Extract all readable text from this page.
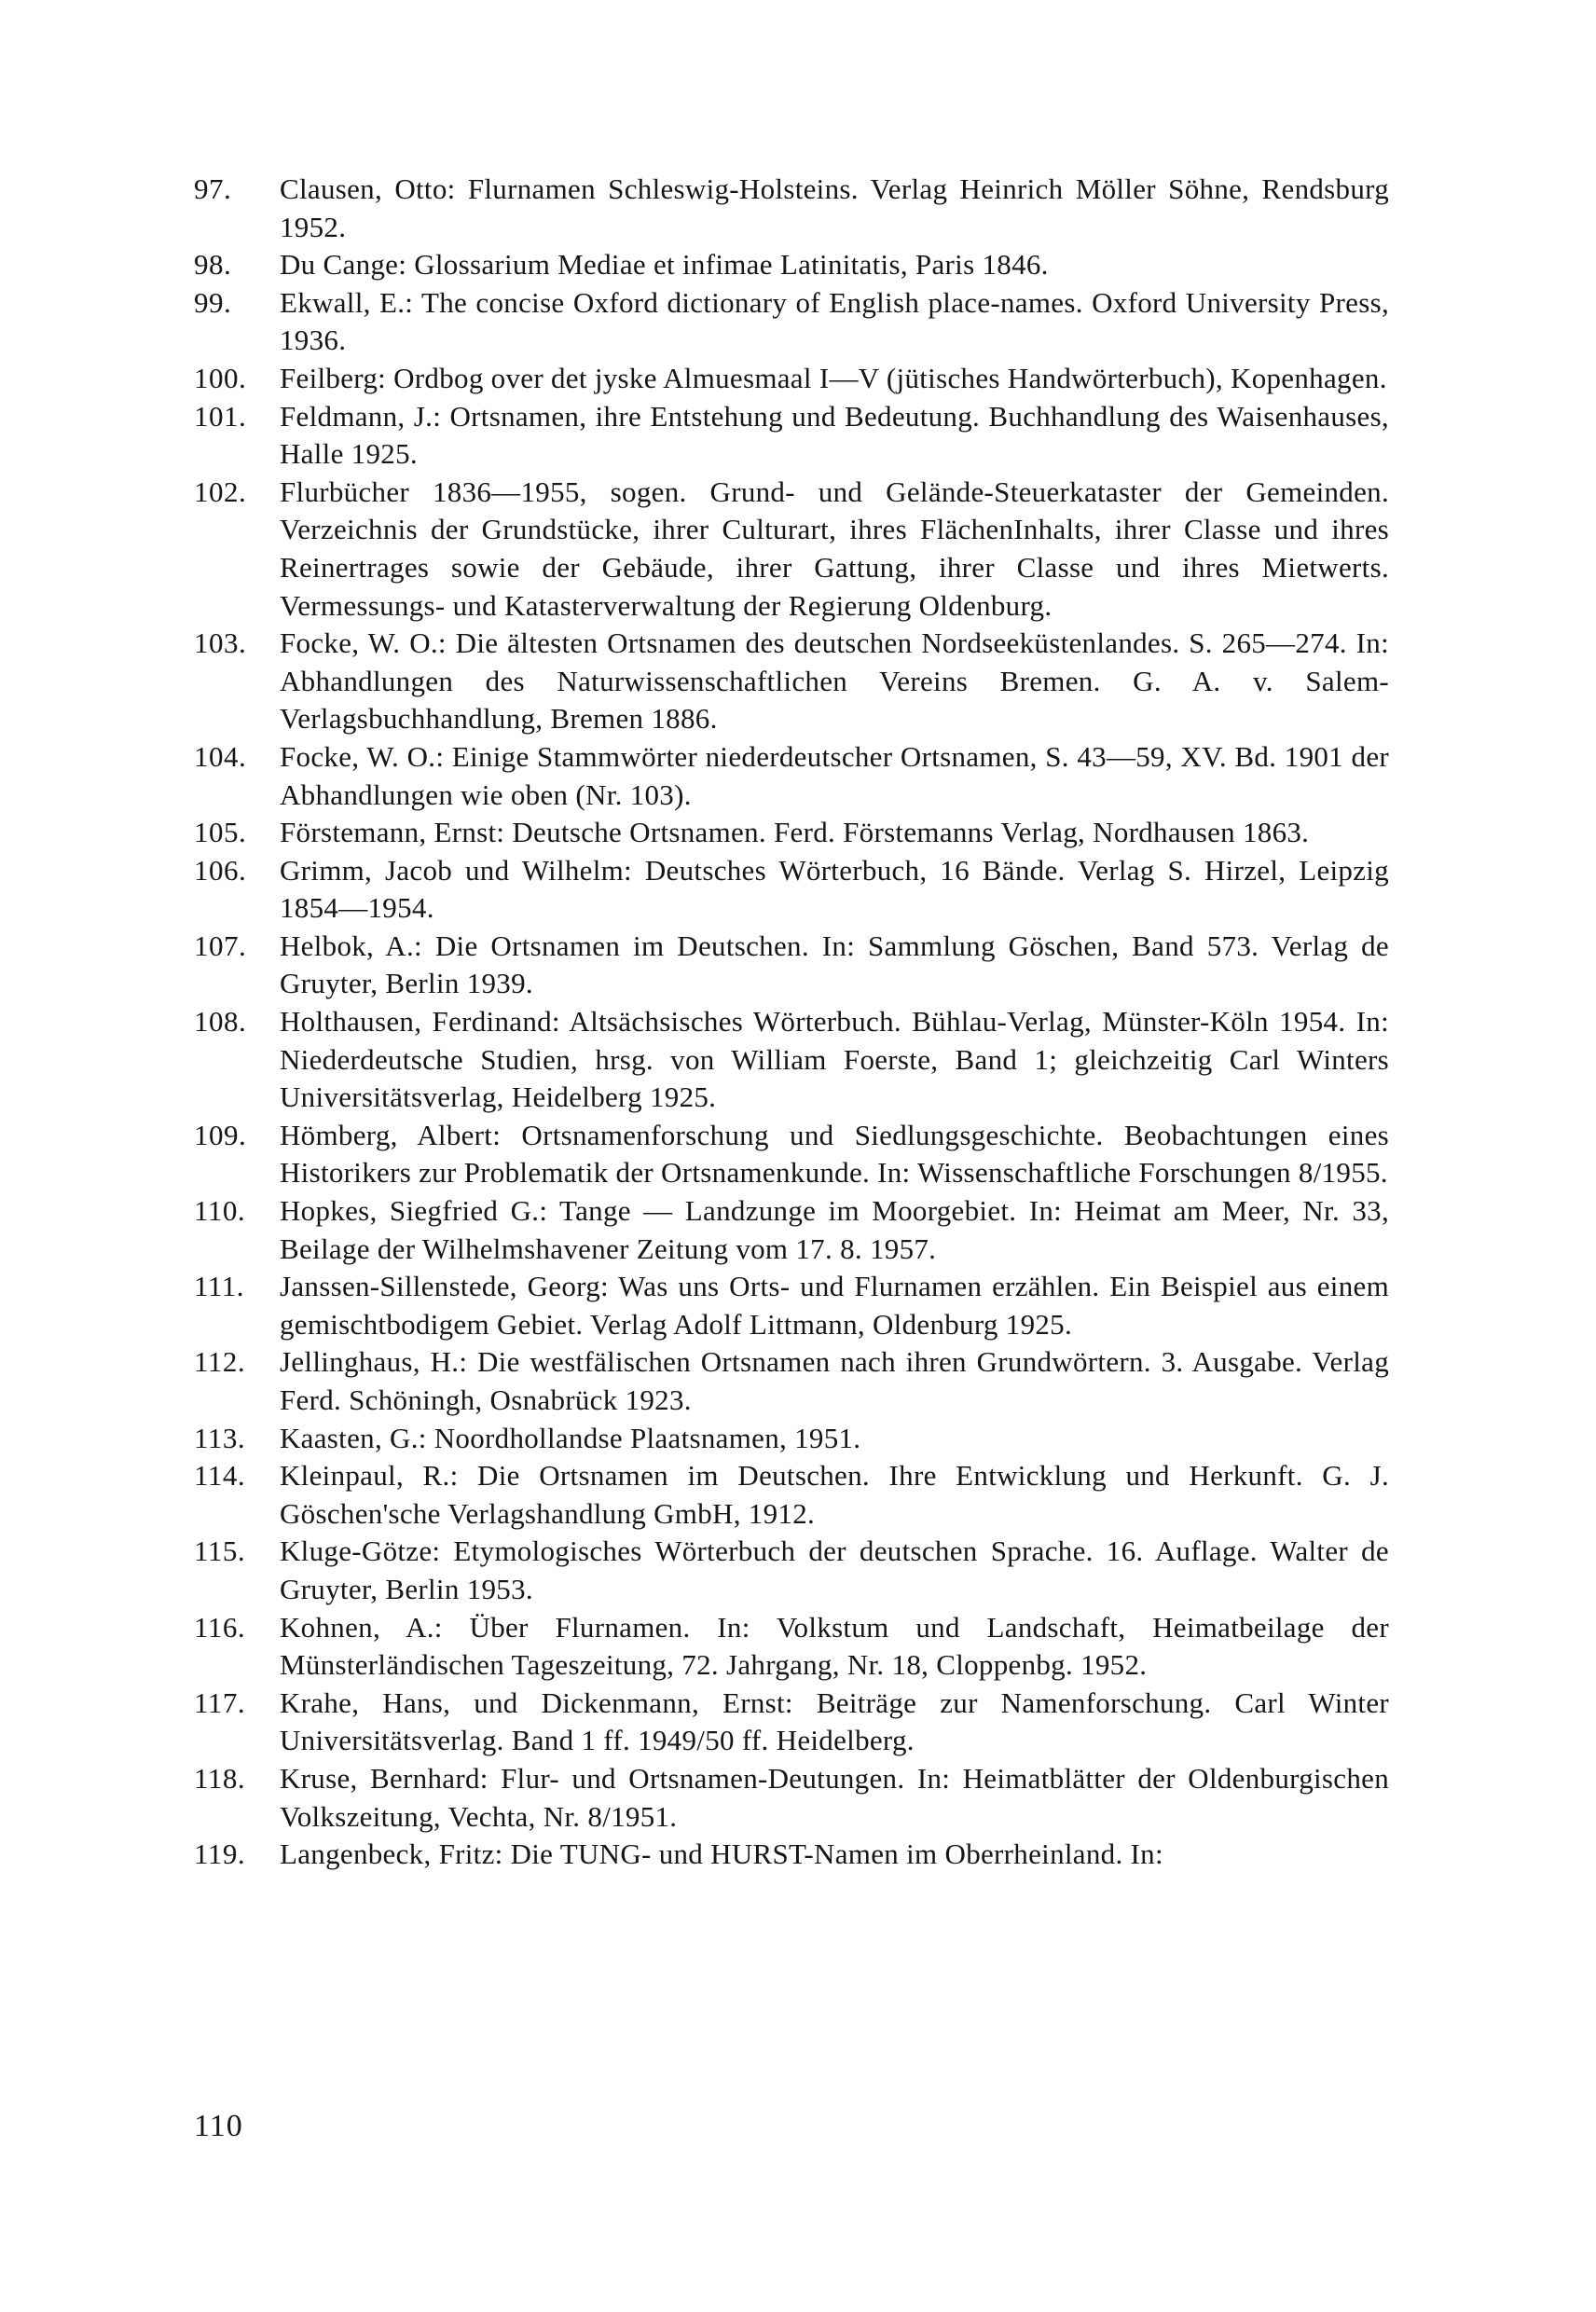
97.	Clausen, Otto: Flurnamen Schleswig-Holsteins. Verlag Heinrich Möller Söhne, Rendsburg 1952.
98.	Du Cange: Glossarium Mediae et infimae Latinitatis, Paris 1846.
99.	Ekwall, E.: The concise Oxford dictionary of English place-names. Oxford University Press, 1936.
100.	Feilberg: Ordbog over det jyske Almuesmaal I—V (jütisches Handwörterbuch), Kopenhagen.
101.	Feldmann, J.: Ortsnamen, ihre Entstehung und Bedeutung. Buchhandlung des Waisenhauses, Halle 1925.
102.	Flurbücher 1836—1955, sogen. Grund- und Gelände-Steuerkataster der Gemeinden. Verzeichnis der Grundstücke, ihrer Culturart, ihres FlächenInhalts, ihrer Classe und ihres Reinertrages sowie der Gebäude, ihrer Gattung, ihrer Classe und ihres Mietwerts. Vermessungs- und Katasterverwaltung der Regierung Oldenburg.
103.	Focke, W. O.: Die ältesten Ortsnamen des deutschen Nordseeküstenlandes. S. 265—274. In: Abhandlungen des Naturwissenschaftlichen Vereins Bremen. G. A. v. Salem-Verlagsbuchhandlung, Bremen 1886.
104.	Focke, W. O.: Einige Stammwörter niederdeutscher Ortsnamen, S. 43—59, XV. Bd. 1901 der Abhandlungen wie oben (Nr. 103).
105.	Förstemann, Ernst: Deutsche Ortsnamen. Ferd. Förstemanns Verlag, Nordhausen 1863.
106.	Grimm, Jacob und Wilhelm: Deutsches Wörterbuch, 16 Bände. Verlag S. Hirzel, Leipzig 1854—1954.
107.	Helbok, A.: Die Ortsnamen im Deutschen. In: Sammlung Göschen, Band 573. Verlag de Gruyter, Berlin 1939.
108.	Holthausen, Ferdinand: Altsächsisches Wörterbuch. Bühlau-Verlag, Münster-Köln 1954. In: Niederdeutsche Studien, hrsg. von William Foerste, Band 1; gleichzeitig Carl Winters Universitätsverlag, Heidelberg 1925.
109.	Hömberg, Albert: Ortsnamenforschung und Siedlungsgeschichte. Beobachtungen eines Historikers zur Problematik der Ortsnamenkunde. In: Wissenschaftliche Forschungen 8/1955.
110.	Hopkes, Siegfried G.: Tange — Landzunge im Moorgebiet. In: Heimat am Meer, Nr. 33, Beilage der Wilhelmshavener Zeitung vom 17. 8. 1957.
111.	Janssen-Sillenstede, Georg: Was uns Orts- und Flurnamen erzählen. Ein Beispiel aus einem gemischtbodigem Gebiet. Verlag Adolf Littmann, Oldenburg 1925.
112.	Jellinghaus, H.: Die westfälischen Ortsnamen nach ihren Grundwörtern. 3. Ausgabe. Verlag Ferd. Schöningh, Osnabrück 1923.
113.	Kaasten, G.: Noordhollandse Plaatsnamen, 1951.
114.	Kleinpaul, R.: Die Ortsnamen im Deutschen. Ihre Entwicklung und Herkunft. G. J. Göschen'sche Verlagshandlung GmbH, 1912.
115.	Kluge-Götze: Etymologisches Wörterbuch der deutschen Sprache. 16. Auflage. Walter de Gruyter, Berlin 1953.
116.	Kohnen, A.: Über Flurnamen. In: Volkstum und Landschaft, Heimatbeilage der Münsterländischen Tageszeitung, 72. Jahrgang, Nr. 18, Cloppenbg. 1952.
117.	Krahe, Hans, und Dickenmann, Ernst: Beiträge zur Namenforschung. Carl Winter Universitätsverlag. Band 1 ff. 1949/50 ff. Heidelberg.
118.	Kruse, Bernhard: Flur- und Ortsnamen-Deutungen. In: Heimatblätter der Oldenburgischen Volkszeitung, Vechta, Nr. 8/1951.
119.	Langenbeck, Fritz: Die TUNG- und HURST-Namen im Oberrheinland. In:
110
